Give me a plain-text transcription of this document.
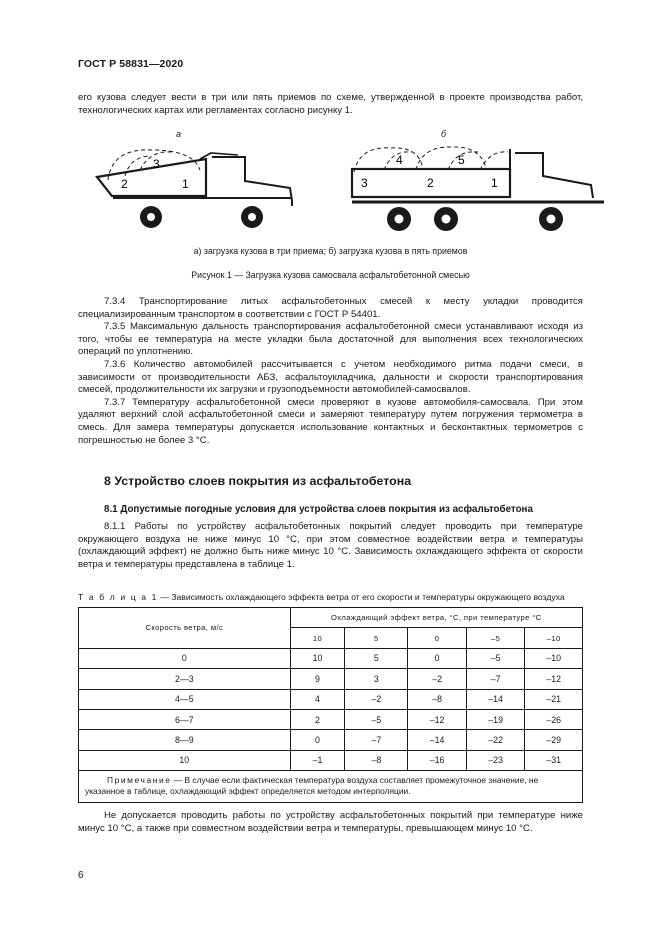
ГОСТ Р 58831—2020
его кузова следует вести в три или пять приемов по схеме, утвержденной в проекте производства работ, технологических картах или регламентах согласно рисунку 1.
а	б
2
3
1	3
4
2
5
1
а) загрузка кузова в три приема; б) загрузка кузова в пять приемов
Рисунок 1 — Загрузка кузова самосвала асфальтобетонной смесью
7.3.4 Транспортирование литых асфальтобетонных смесей к месту укладки проводится специализированным транспортом в соответствии с ГОСТ Р 54401.
7.3.5 Максимальную дальность транспортирования асфальтобетонной смеси устанавливают исходя из того, чтобы ее температура на месте укладки была достаточной для выполнения всех технологических операций по уплотнению.
7.3.6 Количество автомобилей рассчитывается с учетом необходимого ритма подачи смеси, в зависимости от производительности АБЗ, асфальтоукладчика, дальности и скорости транспортирования смесей, продолжительности их загрузки и грузоподъемности автомобилей-самосвалов.
7.3.7 Температуру асфальтобетонной смеси проверяют в кузове автомобиля-самосвала. При этом удаляют верхний слой асфальтобетонной смеси и замеряют температуру путем погружения термометра в смесь. Для замера температуры допускается использование контактных и бесконтактных термометров с погрешностью не более 3 °С.
8 Устройство слоев покрытия из асфальтобетона
8.1 Допустимые погодные условия для устройства слоев покрытия из асфальтобетона
8.1.1 Работы по устройству асфальтобетонных покрытий следует проводить при температуре окружающего воздуха не ниже минус 10 °С, при этом совместное воздействии ветра и температуры (охлаждающий эффект) не должно быть ниже минус 10 °С. Зависимость охлаждающего эффекта от скорости ветра и температуры представлена в таблице 1.
Т а б л и ц а 1 — Зависимость охлаждающего эффекта ветра от его скорости и температуры окружающего воздуха
Скорость ветра, м/с	Охлаждающий эффект ветра, °С, при температуре °С				
	10	5	0	–5	–10
0	10	5	0	–5	–10
2—3	9	3	–2	–7	–12
4—5	4	–2	–8	–14	–21
6—7	2	–5	–12	–19	–26
8—9	0	–7	–14	–22	–29
10	–1	–8	–16	–23	–31
Примечание — В случае если фактическая температура воздуха составляет промежуточное значение, не указанное в таблице, охлаждающий эффект определяется методом интерполяции.					
Не допускается проводить работы по устройству асфальтобетонных покрытий при температуре ниже минус 10 °С, а также при совместном воздействии ветра и температуры, превышающем минус 10 °С.
6
